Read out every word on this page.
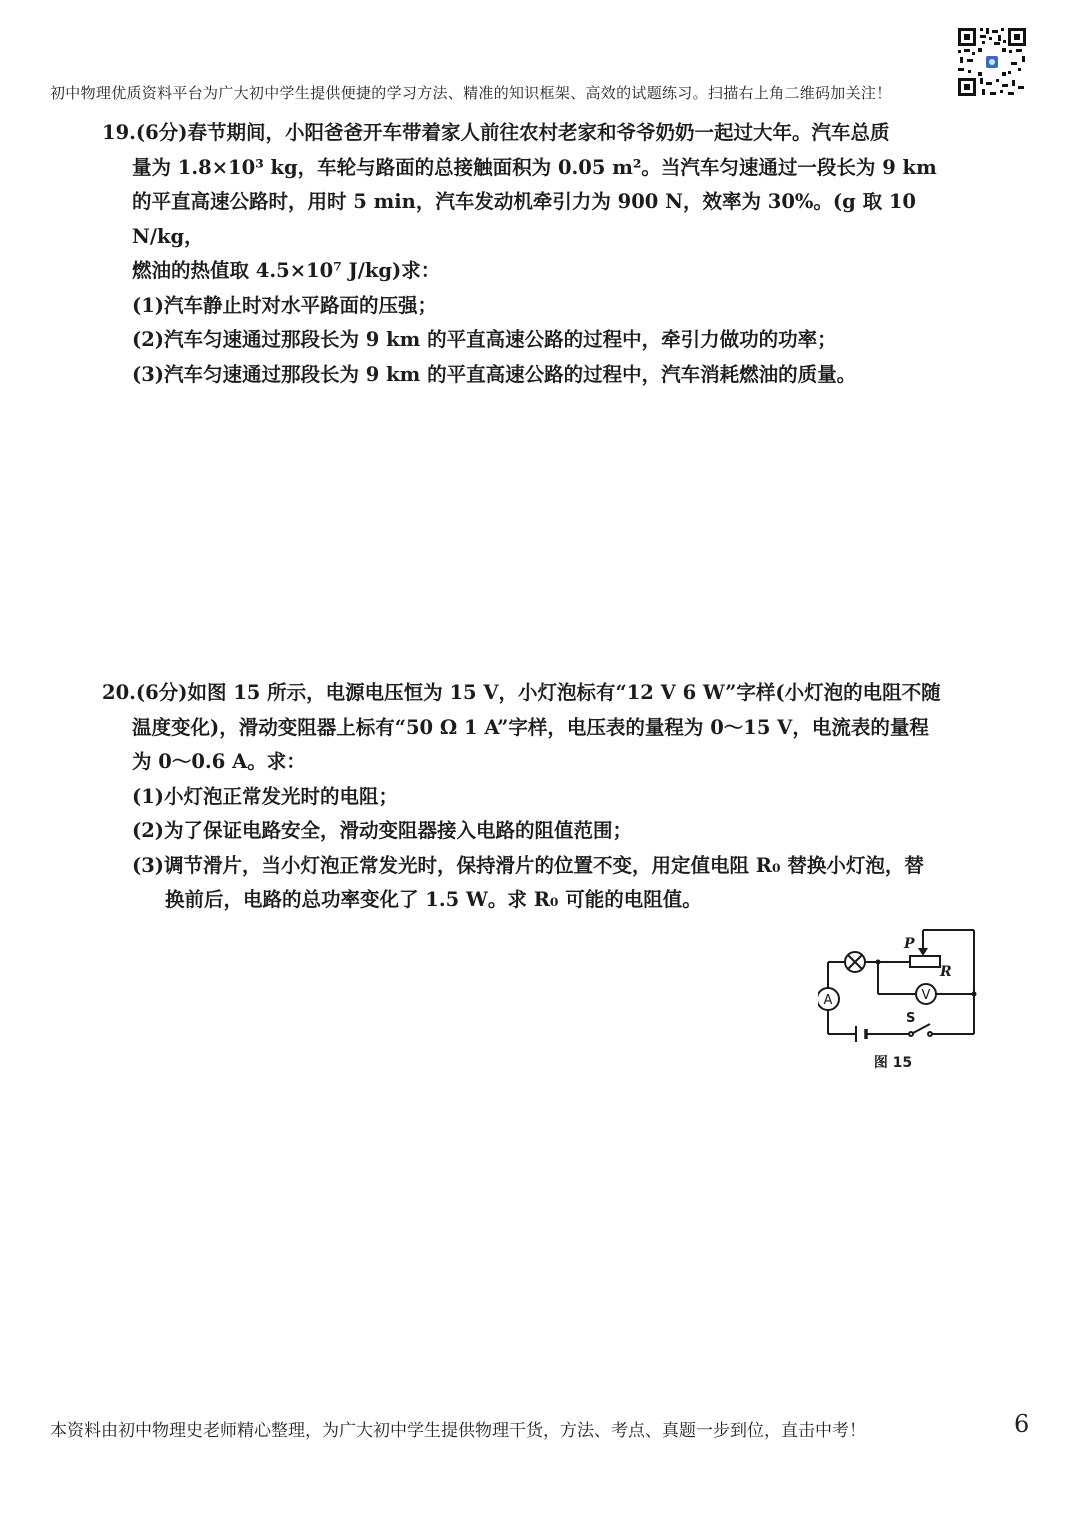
初中物理优质资料平台为广大初中学生提供便捷的学习方法、精准的知识框架、高效的试题练习。扫描右上角二维码加关注！
19.(6分)春节期间，小阳爸爸开车带着家人前往农村老家和爷爷奶奶一起过大年。汽车总质
量为 1.8×10³ kg，车轮与路面的总接触面积为 0.05 m²。当汽车匀速通过一段长为 9 km
的平直高速公路时，用时 5 min，汽车发动机牵引力为 900 N，效率为 30%。(g 取 10 N/kg，
燃油的热值取 4.5×10⁷ J/kg)求：
(1)汽车静止时对水平路面的压强；
(2)汽车匀速通过那段长为 9 km 的平直高速公路的过程中，牵引力做功的功率；
(3)汽车匀速通过那段长为 9 km 的平直高速公路的过程中，汽车消耗燃油的质量。
20.(6分)如图 15 所示，电源电压恒为 15 V，小灯泡标有“12 V 6 W”字样(小灯泡的电阻不随
温度变化)，滑动变阻器上标有“50 Ω 1 A”字样，电压表的量程为 0～15 V，电流表的量程
为 0～0.6 A。求：
(1)小灯泡正常发光时的电阻；
(2)为了保证电路安全，滑动变阻器接入电路的阻值范围；
(3)调节滑片，当小灯泡正常发光时，保持滑片的位置不变，用定值电阻 R₀ 替换小灯泡，替
换前后，电路的总功率变化了 1.5 W。求 R₀ 可能的电阻值。
A	V
P
R
S
图 15
本资料由初中物理史老师精心整理，为广大初中学生提供物理干货，方法、考点、真题一步到位，直击中考！	6
